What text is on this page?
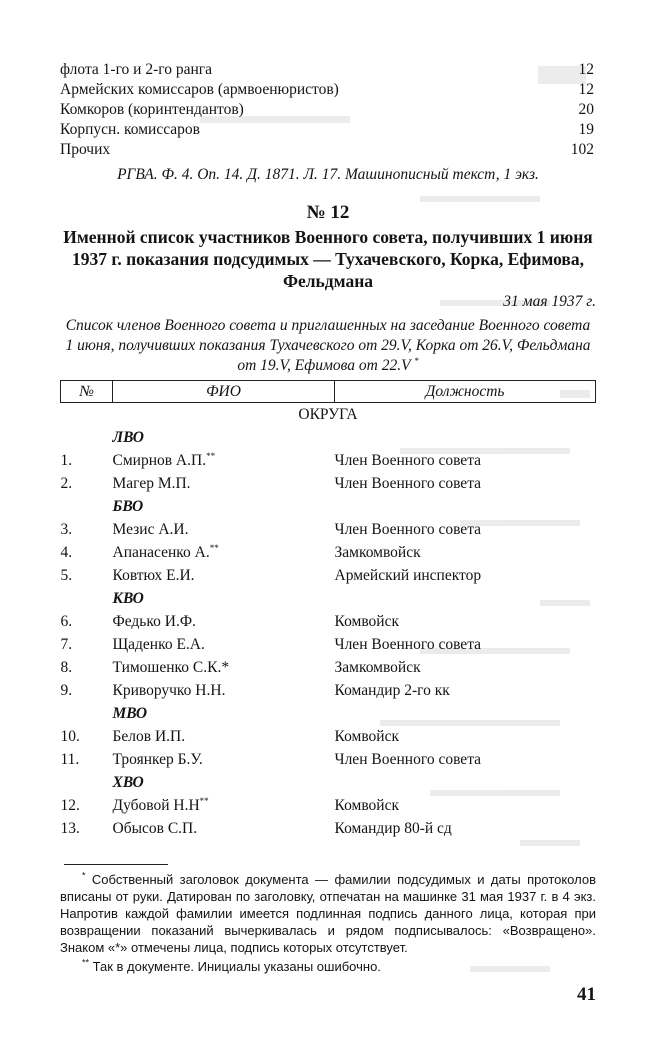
флота 1-го и 2-го ранга	12
Армейских комиссаров (армвоенюристов)	12
Комкоров (коринтендантов)	20
Корпусн. комиссаров	19
Прочих	102

РГВА. Ф. 4. Оп. 14. Д. 1871. Л. 17. Машинописный текст, 1 экз.

№ 12
Именной список участников Военного совета, получивших 1 июня 1937 г. показания подсудимых — Тухачевского, Корка, Ефимова, Фельдмана
31 мая 1937 г.
Список членов Военного совета и приглашенных на заседание Военного совета 1 июня, получивших показания Тухачевского от 29.V, Корка от 26.V, Фельдмана от 19.V, Ефимова от 22.V *
№	ФИО	Должность
ОКРУГА		
	ЛВО	
1.	Смирнов А.П.**	Член Военного совета
2.	Магер М.П.	Член Военного совета
	БВО	
3.	Мезис А.И.	Член Военного совета
4.	Апанасенко А.**	Замкомвойск
5.	Ковтюх Е.И.	Армейский инспектор
	КВО	
6.	Федько И.Ф.	Комвойск
7.	Щаденко Е.А.	Член Военного совета
8.	Тимошенко С.К.*	Замкомвойск
9.	Криворучко Н.Н.	Командир 2-го кк
	МВО	
10.	Белов И.П.	Комвойск
11.	Троянкер Б.У.	Член Военного совета
	ХВО	
12.	Дубовой Н.Н**	Комвойск
13.	Обысов С.П.	Командир 80-й сд

* Собственный заголовок документа — фамилии подсудимых и даты протоколов вписаны от руки. Датирован по заголовку, отпечатан на машинке 31 мая 1937 г. в 4 экз. Напротив каждой фамилии имеется подлинная подпись данного лица, которая при возвращении показаний вычеркивалась и рядом подписывалось: «Возвращено». Знаком «*» отмечены лица, подпись которых отсутствует.

** Так в документе. Инициалы указаны ошибочно.

41
